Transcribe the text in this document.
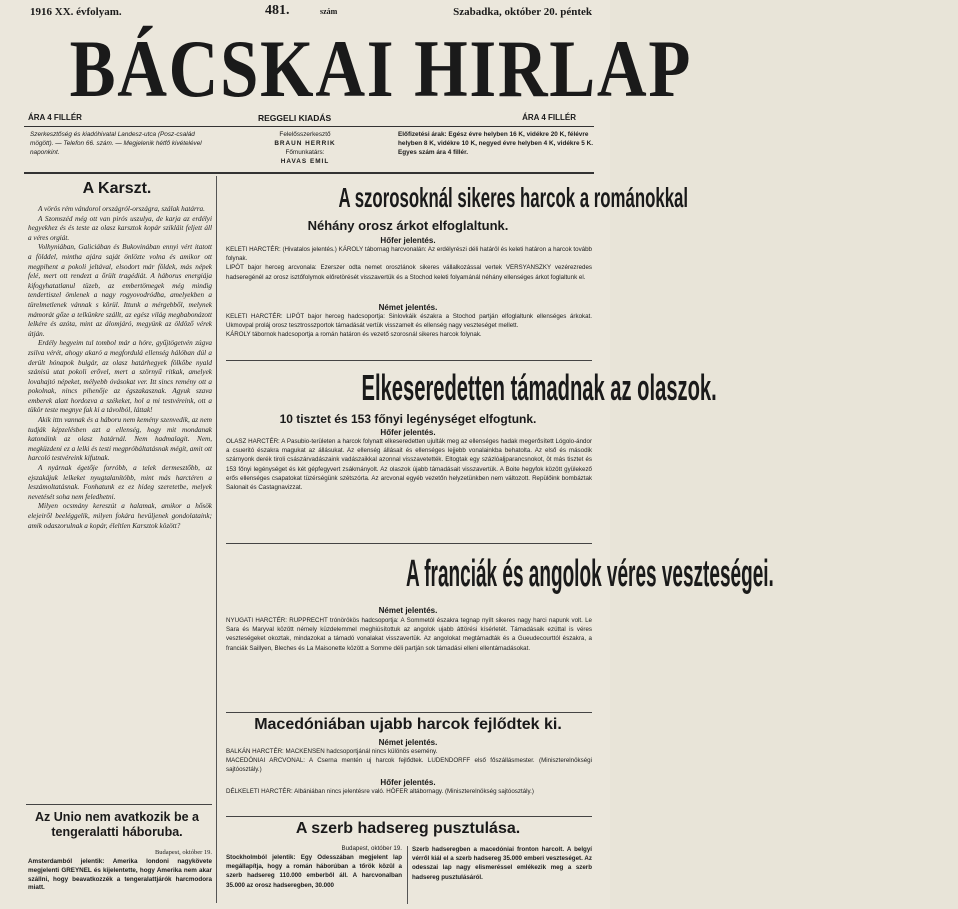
1916 XX. évfolyam.	481.	szám	Szabadka, október 20. péntek
BÁCSKAI HIRLAP
ÁRA 4 FILLÉR	REGGELI KIADÁS	ÁRA 4 FILLÉR
Szerkesztőség és kiadóhivatal Landesz-utca (Posz-család mögött). — Telefon 66. szám. — Megjelenik hétfő kivételével naponkint.
Felelősszerkesztő
BRAUN HERRIK
Főmunkatárs:
HAVAS EMIL
Előfizetési árak: Egész évre helyben 16 K, vidékre 20 K, félévre helyben 8 K, vidékre 10 K, negyed évre helyben 4 K, vidékre 5 K. Egyes szám ára 4 fillér.
A Karszt.

A vörös rém vándorol országról-országra, szálak határra.

A Szomszéd még ott van pirós uszulya, de karja az erdélyi hegyekhez és és teste az olasz karsztok kopár szikláit feljett áll a véres orgiát.

Volhyniában, Galiciában és Bukovinában ennyi vért itatott a földdel, mintha ajára saját önlözte volna és amikor ott megpihent a pokoli jeltával, elsodort már földek, más népek felé, mert ott rendezt a őrült tragédiát. A háborus energiája kifogyhatatlanul tüzeb, az embertömegek még mindig tendertiszel ömlenek a nagy rogyovodródba, amelyekben a türelmetlenek vánnak s körül. Ittunk a mérgebből, melynek mámorát gőze a telkünkre szállt, az egész világ megbabonázott lelkére és azóta, mint az álomjáró, megyünk az öldöző vérek útján.

Erdély hegyeim tul tombol már a hóre, gyűjtögetvén zúgva zsilva vérét, ahogy akaró a megfordulá ellenség hálóban dúl a derült hónapok bulgár, az olasz határhegyek fölkőbe nyald szánisú utat pokoli erővel, mert a szörnyű ritkak, amelyek lovahajtó népeket, mélyebb óvásokat ver. Itt sincs remény ott a pokolnak, nincs pihenője az égszakasznak. Agyuk szava emberek alatt hordozva a székeket, hol a mi testvéreink, ott a tükör teste megnye fak ki a távolból, láttak!

Akik ittn vannak és a háboru nem kemény szenvedik, az nem tudják képzelésben azt a ellenség, hogy mit mondanak katonáink az olasz határnál. Nem hadmalagit. Nem, megküzdeni ez a lelki és testi megpróbáltatásnak mégít, amit ott harcoló testvéreink kifutnak.

A nyárnak égetője forróbb, a telek dermesztőbb, az ejszakájuk lelkeket nyugtalanítóbb, mint más harctéren a leszámoltatásnak. Fonhatunk ez ez hideg szeretetbe, melyek nevetését soha nem feledhetni.

Milyen ocsmány kereszút a halamak, amikor a hősök elejeiről beeléggelik, milyen fokára hevüljenek gondolataink; amik odaszorulnak a kopár, éleltlen Karsztok között?

Az Unio nem avatkozik be a tengeralatti háboruba.
Budapest, október 19.
Amsterdamból jelentik: Amerika londoni nagykövete megjelenti GREYNEL és kijelentette, hogy Amerika nem akar szállni, hogy beavatkozzék a tengeralattjárók harcmodora miatt.
A szorosoknál sikeres harcok a románokkal
Néhány orosz árkot elfoglaltunk.
Hőfer jelentés.
KELETI HARCTÉR: (Hivatalos jelentés.) KÁROLY tábornag harcvonalán: Az erdélyrészi déli határöl és keleti határon a harcok tovább folynak.
LIPÓT bajor herceg arcvonala: Ezerszer odta nemet oroszlánok sikeres vállalkozással vertek VERSYANSZKY vezérezredes hadseregénél az orosz isztőfolymok előretörését visszavertük és a Stochod keleti folyamánál néhány ellenséges árkot foglaltunk el.
Német jelentés.
KELETI HARCTÉR: LIPÓT bajor herceg hadcsoportja: Sinlovkáik északra a Stochod partján elfoglaltunk ellenséges árkokat. Ukmovpal proláj orosz tesztrosszportok támadását vertük visszamelt és ellenség nagy veszteséget mellett.
KÁROLY tábornok hadcsoportja a román határon és vezető szorosnál sikeres harcok folynak.
Elkeseredetten támadnak az olaszok.
10 tisztet és 153 főnyi legénységet elfogtunk.
Hőfer jelentés.
OLASZ HARCTÉR: A Pasubio-területen a harcok folynatt elkeseredetten ujulták meg az ellenséges hadak megerősített Lógolo-ándor a csueritó északra magukat az állásukat. Az ellenség állásait és ellenséges lejjebb vonalainkba behatolta. Az első és második szárnyonk derék tiroli császárvadászaink vadászaikkal azonnal visszavetették. Eltogtak egy százlóaljparancsnokot, öt más tisztet és 153 főnyi legénységet és két gépfegyvert zsákmányolt. Az olaszok újabb támadásait visszavertük. A Boite hegyfok között gyülekező erős ellenséges csapatokat tüzérségünk szétszórta. Az arcvonal egyéb vezetőn helyzetünkben nem változott. Repülőink bombáztak Salonait és Castagnavizzat.
A franciák és angolok véres veszteségei.
Német jelentés.
NYUGATI HARCTÉR: RUPPRECHT trónörökös hadcsoportja: A Sommetól északra tegnap nyílt sikeres nagy harci napunk volt. Le Sara és Maryval között némely küzdelemmel meghiúsítottuk az angolok ujabb áttörési kísérletét. Támadásaik ezúttal is véres veszteségeket okoztak, mindazokat a támadó vonalakat visszavertük. Az angolokat megtámadták és a Gueudecourttól északra, a franciák Saillyen, Bleches és La Maisonette között a Somme déli partján sok támadási elleni ellentámadásokat.
Macedóniában ujabb harcok fejlődtek ki.
Német jelentés.
BALKÁN HARCTÉR: MACKENSEN hadcsoportjánál nincs különös esemény.
MACEDÓNIAI ARCVONAL: A Cserna mentén uj harcok fejlődtek. LUDENDORFF első főszállásmester. (Miniszterelnökségi sajtóosztály.)
Hőfer jelentés.
DÉLKELETI HARCTÉR: Albániában nincs jelentésre való. HÖFER altábornagy. (Miniszterelnökség sajtóosztály.)
A szerb hadsereg pusztulása.
Budapest, október 19.
Stockholmból jelentik: Egy Odesszában megjelent lap megállapítja, hogy a román háborúban a tőrök közül a szerb hadsereg 110.000 emberből áll. A harcvonalban 35.000 az orosz hadseregben, 30.000
Szerb hadseregben a macedóniai fronton harcolt. A belgyí vérről kiál el a szerb hadsereg 35.000 emberi veszteséget. Az odesszai lap nagy elismeréssel emlékezik meg a szerb hadsereg pusztulásáról.
